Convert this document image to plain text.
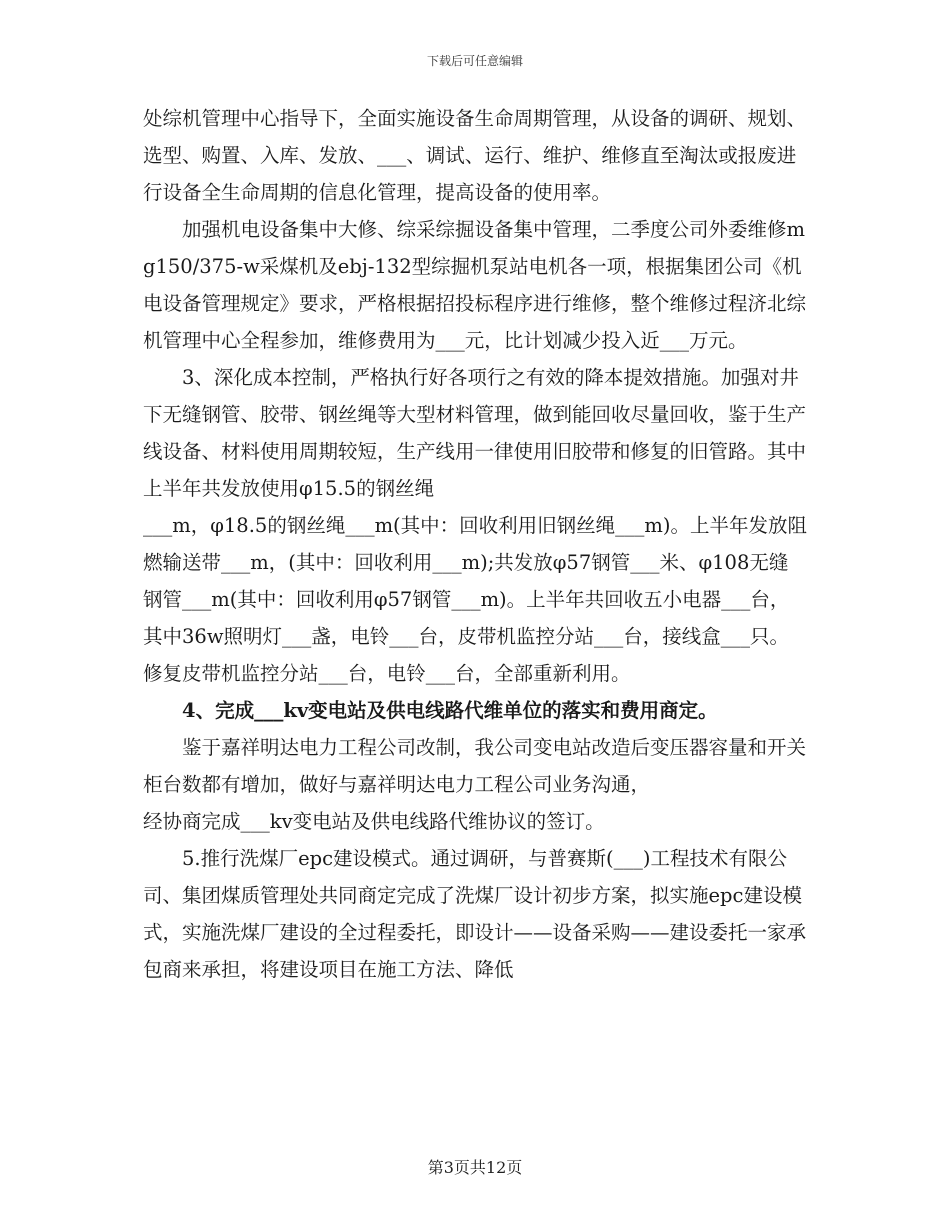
下载后可任意编辑

处综机管理中心指导下，全面实施设备生命周期管理，从设备的调研、规划、选型、购置、入库、发放、___、调试、运行、维护、维修直至淘汰或报废进行设备全生命周期的信息化管理，提高设备的使用率。

加强机电设备集中大修、综采综掘设备集中管理，二季度公司外委维修mg150/375-w采煤机及ebj-132型综掘机泵站电机各一项，根据集团公司《机电设备管理规定》要求，严格根据招投标程序进行维修，整个维修过程济北综机管理中心全程参加，维修费用为___元，比计划减少投入近___万元。

3、深化成本控制，严格执行好各项行之有效的降本提效措施。加强对井下无缝钢管、胶带、钢丝绳等大型材料管理，做到能回收尽量回收，鉴于生产线设备、材料使用周期较短，生产线用一律使用旧胶带和修复的旧管路。其中上半年共发放使用φ15.5的钢丝绳

___m，φ18.5的钢丝绳___m(其中：回收利用旧钢丝绳___m)。上半年发放阻燃输送带___m，(其中：回收利用___m);共发放φ57钢管___米、φ108无缝钢管___m(其中：回收利用φ57钢管___m)。上半年共回收五小电器___台，其中36w照明灯___盏，电铃___台，皮带机监控分站___台，接线盒___只。修复皮带机监控分站___台，电铃___台，全部重新利用。

4、完成___kv变电站及供电线路代维单位的落实和费用商定。

鉴于嘉祥明达电力工程公司改制，我公司变电站改造后变压器容量和开关柜台数都有增加，做好与嘉祥明达电力工程公司业务沟通，

经协商完成___kv变电站及供电线路代维协议的签订。

5.推行洗煤厂epc建设模式。通过调研，与普赛斯(___)工程技术有限公司、集团煤质管理处共同商定完成了洗煤厂设计初步方案，拟实施epc建设模式，实施洗煤厂建设的全过程委托，即设计——设备采购——建设委托一家承包商来承担，将建设项目在施工方法、降低

第3页共12页
